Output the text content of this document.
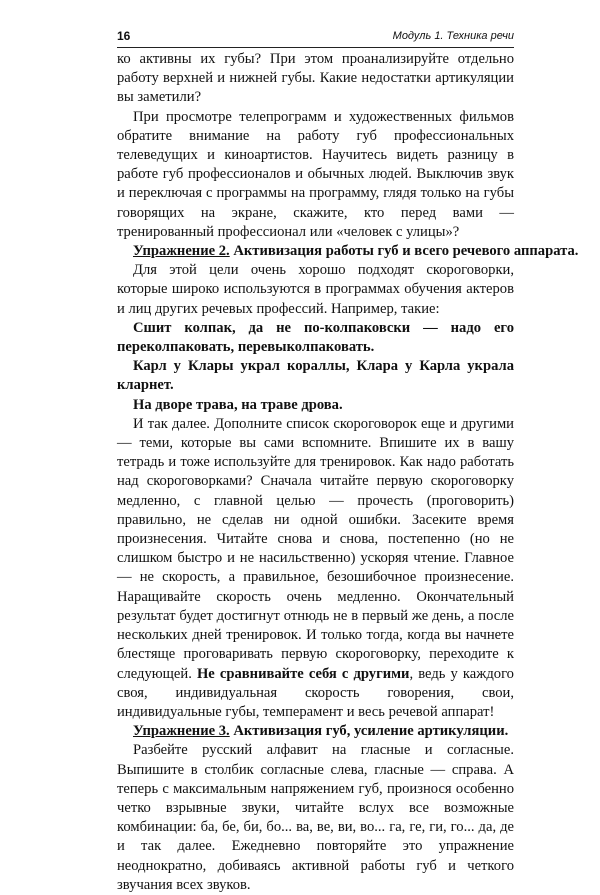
16	Модуль 1. Техника речи

ко активны их губы? При этом проанализируйте отдельно работу верхней и нижней губы. Какие недостатки артикуляции вы заметили?

При просмотре телепрограмм и художественных фильмов обратите внимание на работу губ профессиональных телеведущих и киноартистов. Научитесь видеть разницу в работе губ профессионалов и обычных людей. Выключив звук и переключая с программы на программу, глядя только на губы говорящих на экране, скажите, кто перед вами — тренированный профессионал или «человек с улицы»?

Упражнение 2. Активизация работы губ и всего речевого аппарата.

Для этой цели очень хорошо подходят скороговорки, которые широко используются в программах обучения актеров и лиц других речевых профессий. Например, такие:

Сшит колпак, да не по-колпаковски — надо его переколпаковать, перевыколпаковать.

Карл у Клары украл кораллы, Клара у Карла украла кларнет.

На дворе трава, на траве дрова.

И так далее. Дополните список скороговорок еще и другими — теми, которые вы сами вспомните. Впишите их в вашу тетрадь и тоже используйте для тренировок. Как надо работать над скороговорками? Сначала читайте первую скороговорку медленно, с главной целью — прочесть (проговорить) правильно, не сделав ни одной ошибки. Засеките время произнесения. Читайте снова и снова, постепенно (но не слишком быстро и не насильственно) ускоряя чтение. Главное — не скорость, а правильное, безошибочное произнесение. Наращивайте скорость очень медленно. Окончательный результат будет достигнут отнюдь не в первый же день, а после нескольких дней тренировок. И только тогда, когда вы начнете блестяще проговаривать первую скороговорку, переходите к следующей. Не сравнивайте себя с другими, ведь у каждого своя, индивидуальная скорость говорения, свои, индивидуальные губы, темперамент и весь речевой аппарат!

Упражнение 3. Активизация губ, усиление артикуляции.

Разбейте русский алфавит на гласные и согласные. Выпишите в столбик согласные слева, гласные — справа. А теперь с максимальным напряжением губ, произнося особенно четко взрывные звуки, читайте вслух все возможные комбинации: ба, бе, би, бо... ва, ве, ви, во... га, ге, ги, го... да, де и так далее. Ежедневно повторяйте это упражнение неоднократно, добиваясь активной работы губ и четкого звучания всех звуков.
